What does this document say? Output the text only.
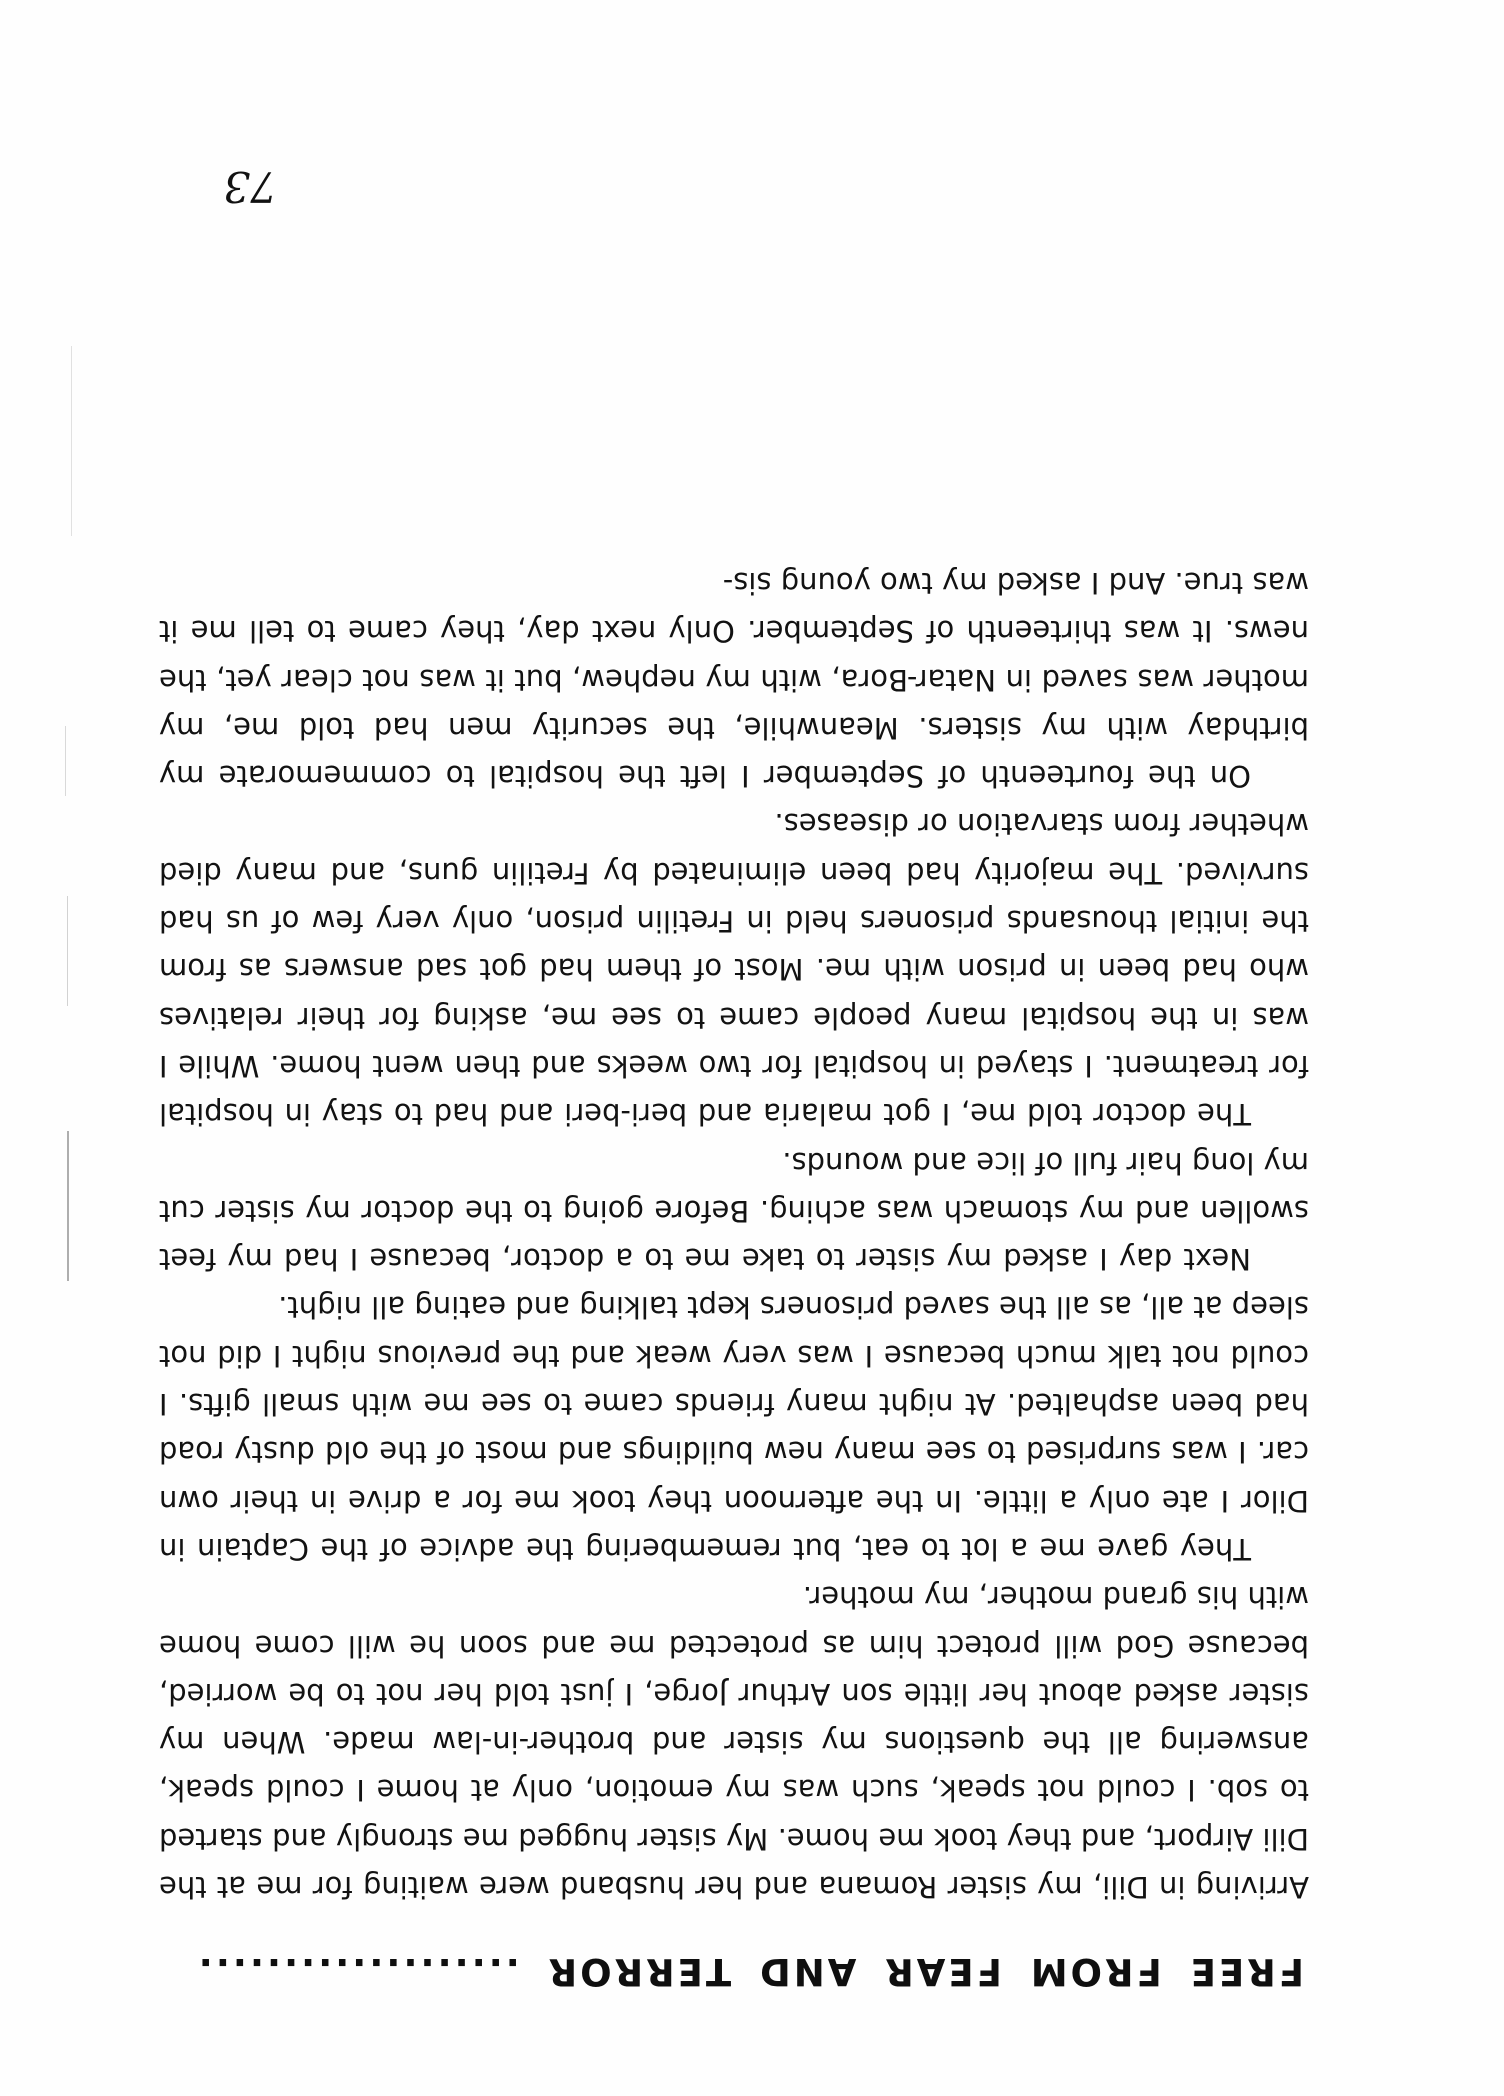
FREE FROM FEAR AND TERROR ...................

Arriving in Dili, my sister Romana and her husband were waiting for me at the Dili Airport, and they took me home. My sister hugged me strongly and started to sob. I could not speak, such was my emotion, only at home I could speak, answering all the questions my sister and brother-in-law made. When my sister asked about her little son Arthur Jorge, I just told her not to be worried, because God will protect him as protected me and soon he will come home with his grand mother, my mother.

They gave me a lot to eat, but remembering the advice of the Captain in Dilor I ate only a little. In the afternoon they took me for a drive in their own car. I was surprised to see many new buildings and most of the old dusty road had been asphalted. At night many friends came to see me with small gifts. I could not talk much because I was very weak and the previous night I did not sleep at all, as all the saved prisoners kept talking and eating all night.

Next day I asked my sister to take me to a doctor, because I had my feet swollen and my stomach was aching. Before going to the doctor my sister cut my long hair full of lice and wounds.

The doctor told me, I got malaria and beri-beri and had to stay in hospital for treatment. I stayed in hospital for two weeks and then went home. While I was in the hospital many people came to see me, asking for their relatives who had been in prison with me. Most of them had got sad answers as from the initial thousands prisoners held in Fretilin prison, only very few of us had survived. The majority had been eliminated by Fretilin guns, and many died whether from starvation or diseases.

On the fourteenth of September I left the hospital to commemorate my birthday with my sisters. Meanwhile, the security men had told me, my mother was saved in Natar-Bora, with my nephew, but it was not clear yet, the news. It was thirteenth of September. Only next day, they came to tell me it was true. And I asked my two young sis-

73
